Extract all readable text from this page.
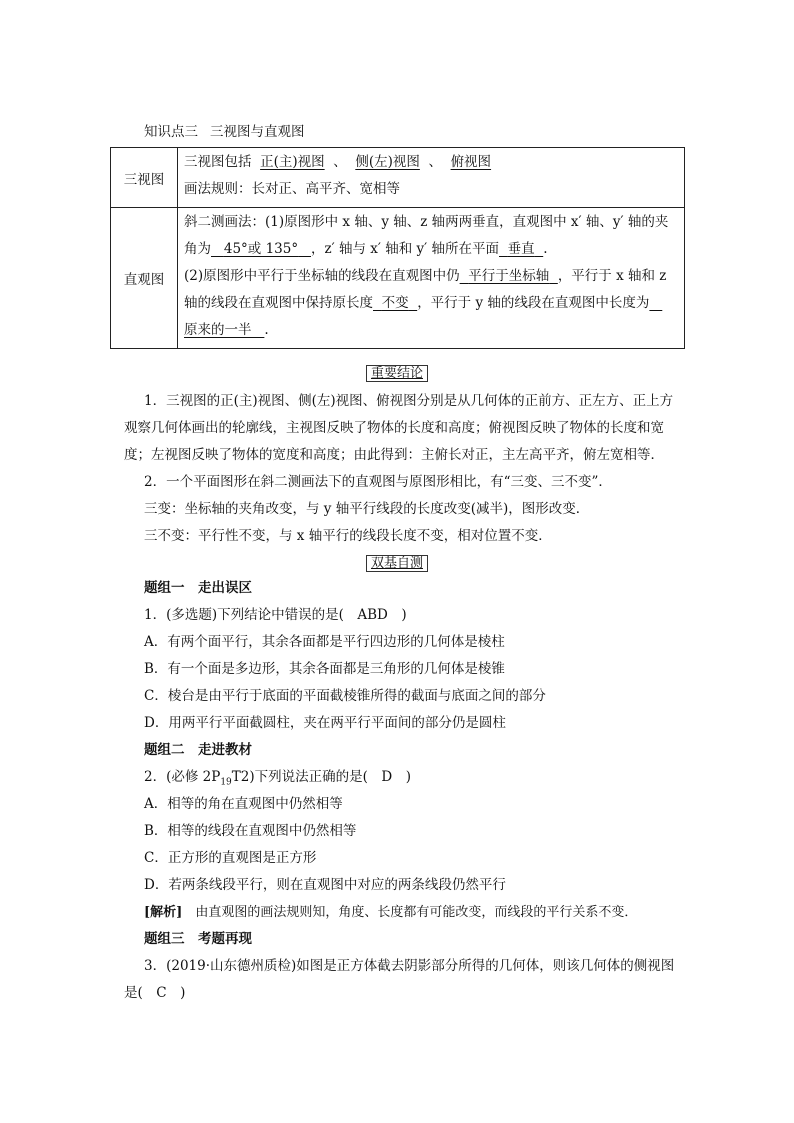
知识点三 三视图与直观图
三视图	三视图包括 正(主)视图 、 侧(左)视图 、 俯视图
画法规则：长对正、高平齐、宽相等

直观图	斜二测画法：(1)原图形中 x 轴、y 轴、z 轴两两垂直，直观图中 x′ 轴、y′ 轴的夹
角为 45°或 135° ，z′ 轴与 x′ 轴和 y′ 轴所在平面 垂直 .
(2)原图形中平行于坐标轴的线段在直观图中仍 平行于坐标轴 ，平行于 x 轴和 z
轴的线段在直观图中保持原长度 不变 ，平行于 y 轴的线段在直观图中长度为
原来的一半 .
重要结论
1．三视图的正(主)视图、侧(左)视图、俯视图分别是从几何体的正前方、正左方、正上方
观察几何体画出的轮廓线，主视图反映了物体的长度和高度；俯视图反映了物体的长度和宽
度；左视图反映了物体的宽度和高度；由此得到：主俯长对正，主左高平齐，俯左宽相等．
2．一个平面图形在斜二测画法下的直观图与原图形相比，有“三变、三不变”．
三变：坐标轴的夹角改变，与 y 轴平行线段的长度改变(减半)，图形改变．
三不变：平行性不变，与 x 轴平行的线段长度不变，相对位置不变．
双基自测
题组一　走出误区
1．(多选题)下列结论中错误的是(　ABD　)
A．有两个面平行，其余各面都是平行四边形的几何体是棱柱
B．有一个面是多边形，其余各面都是三角形的几何体是棱锥
C．棱台是由平行于底面的平面截棱锥所得的截面与底面之间的部分
D．用两平行平面截圆柱，夹在两平行平面间的部分仍是圆柱
题组二　走进教材
2．(必修 $2P_{19}T2$)下列说法正确的是(　D　)
A．相等的角在直观图中仍然相等
B．相等的线段在直观图中仍然相等
C．正方形的直观图是正方形
D．若两条线段平行，则在直观图中对应的两条线段仍然平行
[解析]　由直观图的画法规则知，角度、长度都有可能改变，而线段的平行关系不变．
题组三　考题再现
3．(2019·山东德州质检)如图是正方体截去阴影部分所得的几何体，则该几何体的侧视图
是(　C　)
